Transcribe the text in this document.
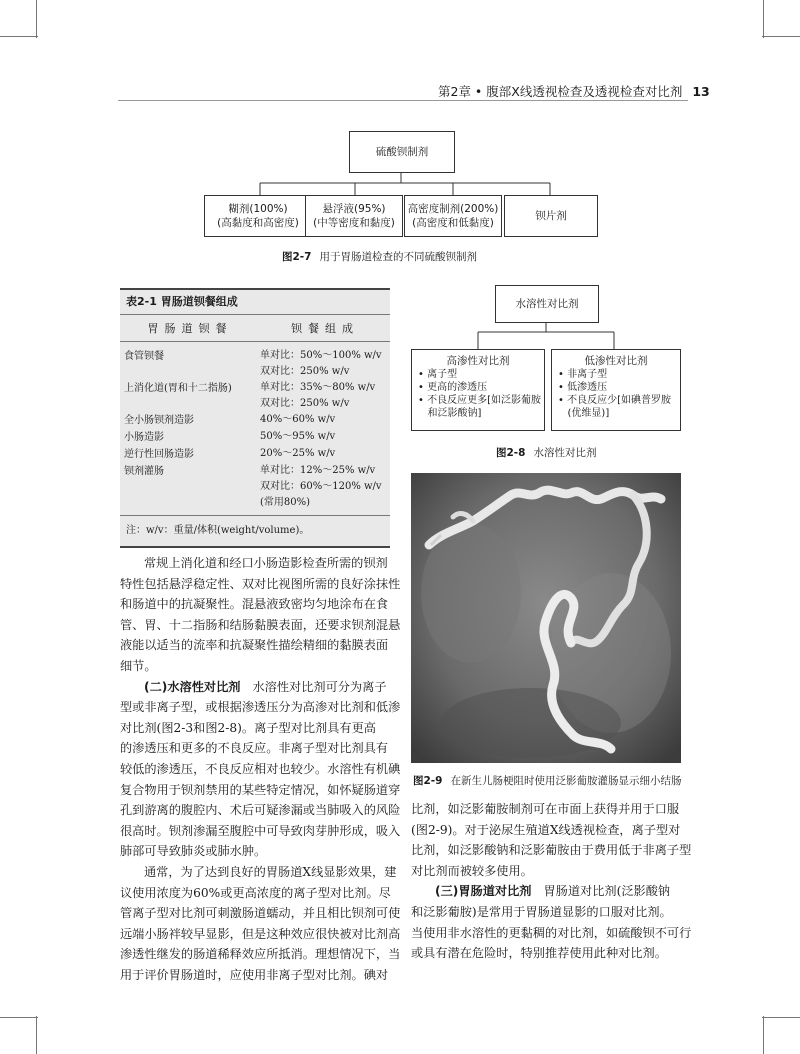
第2章 • 腹部X线透视检查及透视检查对比剂 13
硫酸钡制剂
糊剂(100%)
(高黏度和高密度)
悬浮液(95%)
(中等密度和黏度)
高密度制剂(200%)
(高密度和低黏度)
钡片剂
图2-7 用于胃肠道检查的不同硫酸钡制剂
表2-1 胃肠道钡餐组成
胃肠道钡餐	钡餐组成
食管钡餐	单对比：50%～100% w/v
双对比：250% w/v
上消化道(胃和十二指肠)	单对比：35%～80% w/v
双对比：250% w/v
全小肠钡剂造影	40%～60% w/v
小肠造影	50%～95% w/v
逆行性回肠造影	20%～25% w/v
钡剂灌肠	单对比：12%～25% w/v
双对比：60%～120% w/v
(常用80%)
注：w/v：重量/体积(weight/volume)。
水溶性对比剂
高渗性对比剂
• 离子型
• 更高的渗透压
• 不良反应更多[如泛影葡胺
和泛影酸钠]
低渗性对比剂
• 非离子型
• 低渗透压
• 不良反应少[如碘普罗胺
(优维显)]
图2-8 水溶性对比剂
图2-9 在新生儿肠梗阻时使用泛影葡胺灌肠显示细小结肠
常规上消化道和经口小肠造影检查所需的钡剂
特性包括悬浮稳定性、双对比视图所需的良好涂抹性
和肠道中的抗凝聚性。混悬液致密均匀地涂布在食
管、胃、十二指肠和结肠黏膜表面，还要求钡剂混悬
液能以适当的流率和抗凝聚性描绘精细的黏膜表面
细节。
(二)水溶性对比剂 水溶性对比剂可分为离子
型或非离子型，或根据渗透压分为高渗对比剂和低渗
对比剂(图2-3和图2-8)。离子型对比剂具有更高
的渗透压和更多的不良反应。非离子型对比剂具有
较低的渗透压，不良反应相对也较少。水溶性有机碘
复合物用于钡剂禁用的某些特定情况，如怀疑肠道穿
孔到游离的腹腔内、术后可疑渗漏或当肺吸入的风险
很高时。钡剂渗漏至腹腔中可导致肉芽肿形成，吸入
肺部可导致肺炎或肺水肿。
通常，为了达到良好的胃肠道X线显影效果，建
议使用浓度为60%或更高浓度的离子型对比剂。尽
管离子型对比剂可刺激肠道蠕动，并且相比钡剂可使
远端小肠袢较早显影，但是这种效应很快被对比剂高
渗透性继发的肠道稀释效应所抵消。理想情况下，当
用于评价胃肠道时，应使用非离子型对比剂。碘对
比剂，如泛影葡胺制剂可在市面上获得并用于口服
(图2-9)。对于泌尿生殖道X线透视检查，离子型对
比剂，如泛影酸钠和泛影葡胺由于费用低于非离子型
对比剂而被较多使用。
(三)胃肠道对比剂 胃肠道对比剂(泛影酸钠
和泛影葡胺)是常用于胃肠道显影的口服对比剂。
当使用非水溶性的更黏稠的对比剂，如硫酸钡不可行
或具有潜在危险时，特别推荐使用此种对比剂。
